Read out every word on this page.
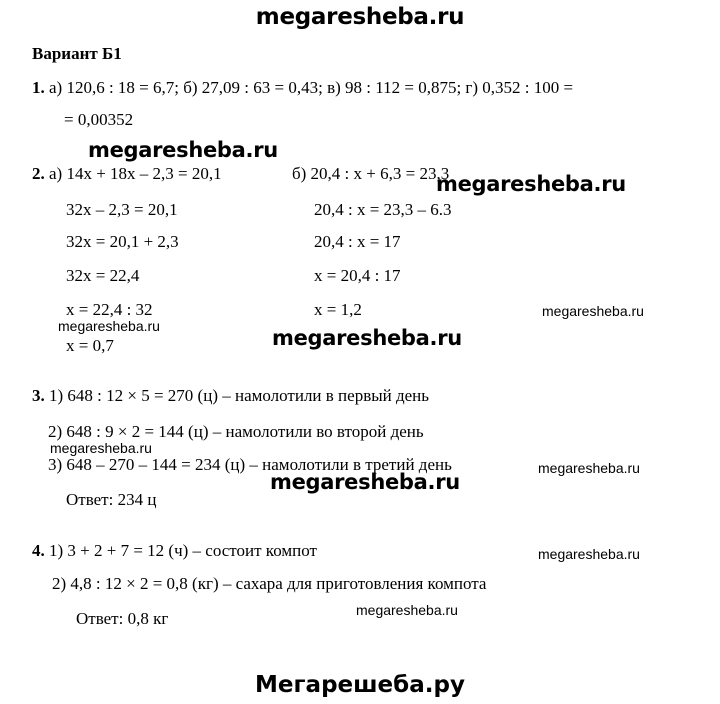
megaresheba.ru
Вариант Б1
1. а) 120,6 : 18 = 6,7; б) 27,09 : 63 = 0,43; в) 98 : 112 = 0,875; г) 0,352 : 100 =
= 0,00352
megaresheba.ru
2. а) 14x + 18x – 2,3 = 20,1	б) 20,4 : x + 6,3 = 23,3
megaresheba.ru
32x – 2,3 = 20,1
32x = 20,1 + 2,3
32x = 22,4
x = 22,4 : 32
x = 0,7
20,4 : x = 23,3 – 6.3
20,4 : x = 17
x = 20,4 : 17
x = 1,2	megaresheba.ru
megaresheba.ru	megaresheba.ru
3. 1) 648 : 12 × 5 = 270 (ц) – намолотили в первый день
2) 648 : 9 × 2 = 144 (ц) – намолотили во второй день
megaresheba.ru
3) 648 – 270 – 144 = 234 (ц) – намолотили в третий день	megaresheba.ru
megaresheba.ru
Ответ: 234 ц
4. 1) 3 + 2 + 7 = 12 (ч) – состоит компот	megaresheba.ru
2) 4,8 : 12 × 2 = 0,8 (кг) – сахара для приготовления компота
megaresheba.ru
Ответ: 0,8 кг
Мегарешеба.ру
